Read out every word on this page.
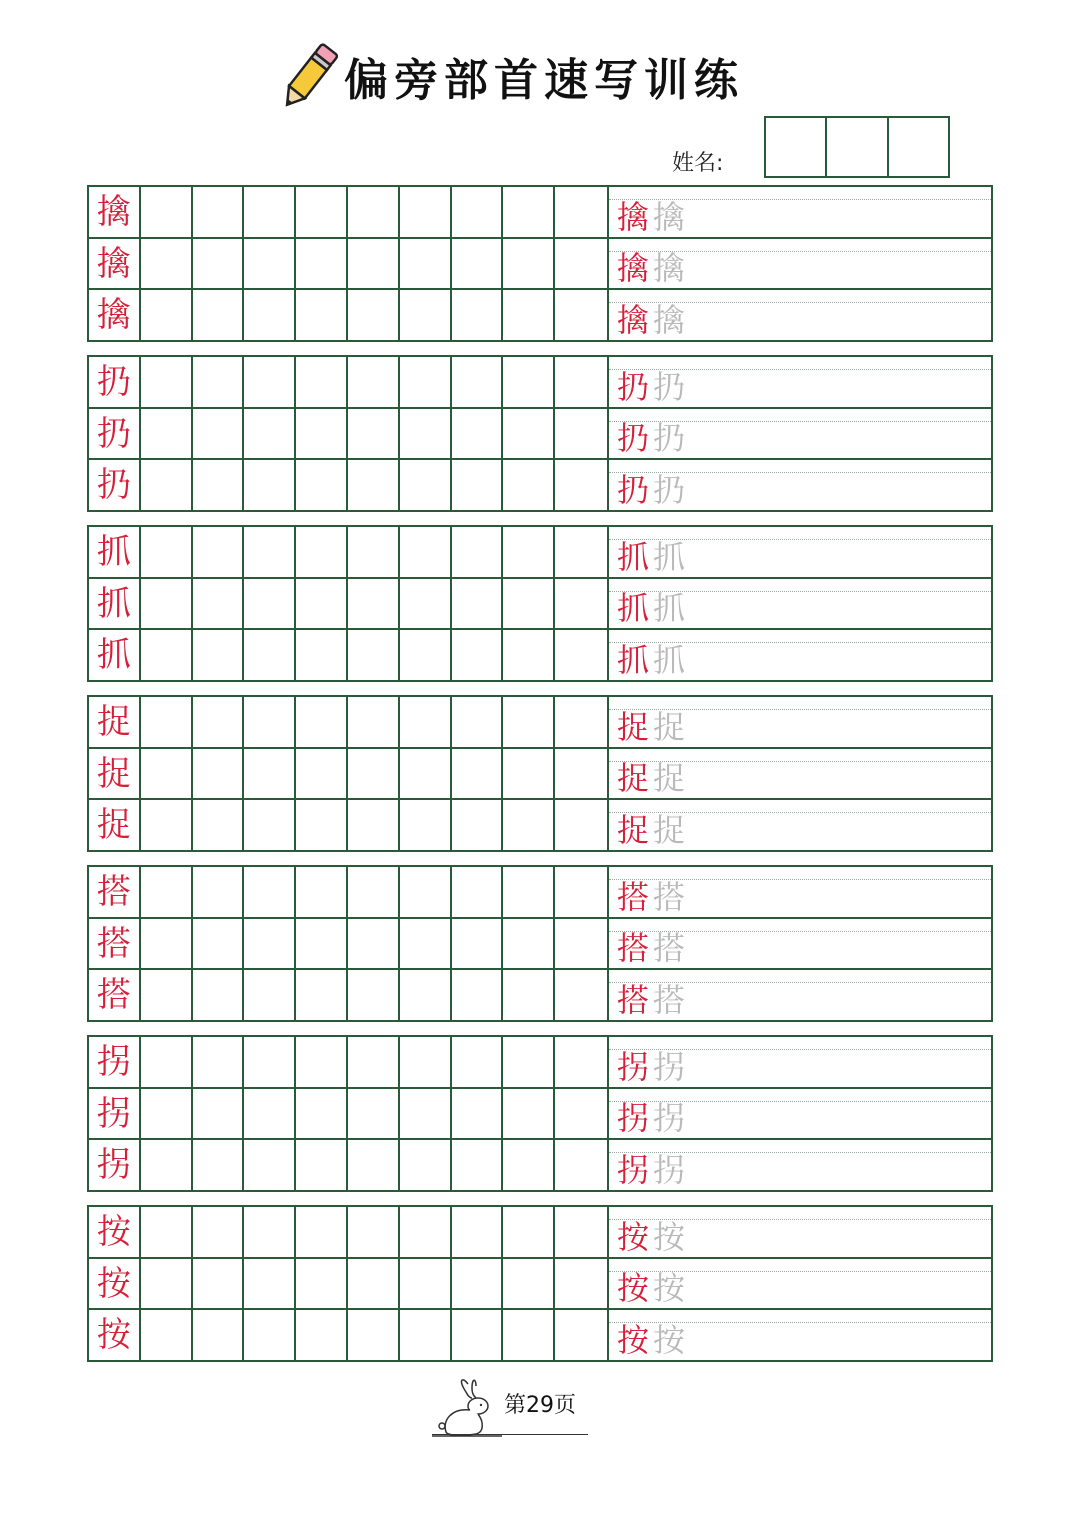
偏旁部首速写训练
姓名:
擒
擒
擒
擒 擒
擒 擒
擒 擒
扔
扔
扔
扔 扔
扔 扔
扔 扔
抓
抓
抓
抓 抓
抓 抓
抓 抓
捉
捉
捉
捉 捉
捉 捉
捉 捉
搭
搭
搭
搭 搭
搭 搭
搭 搭
拐
拐
拐
拐 拐
拐 拐
拐 拐
按
按
按
按 按
按 按
按 按
第29页
